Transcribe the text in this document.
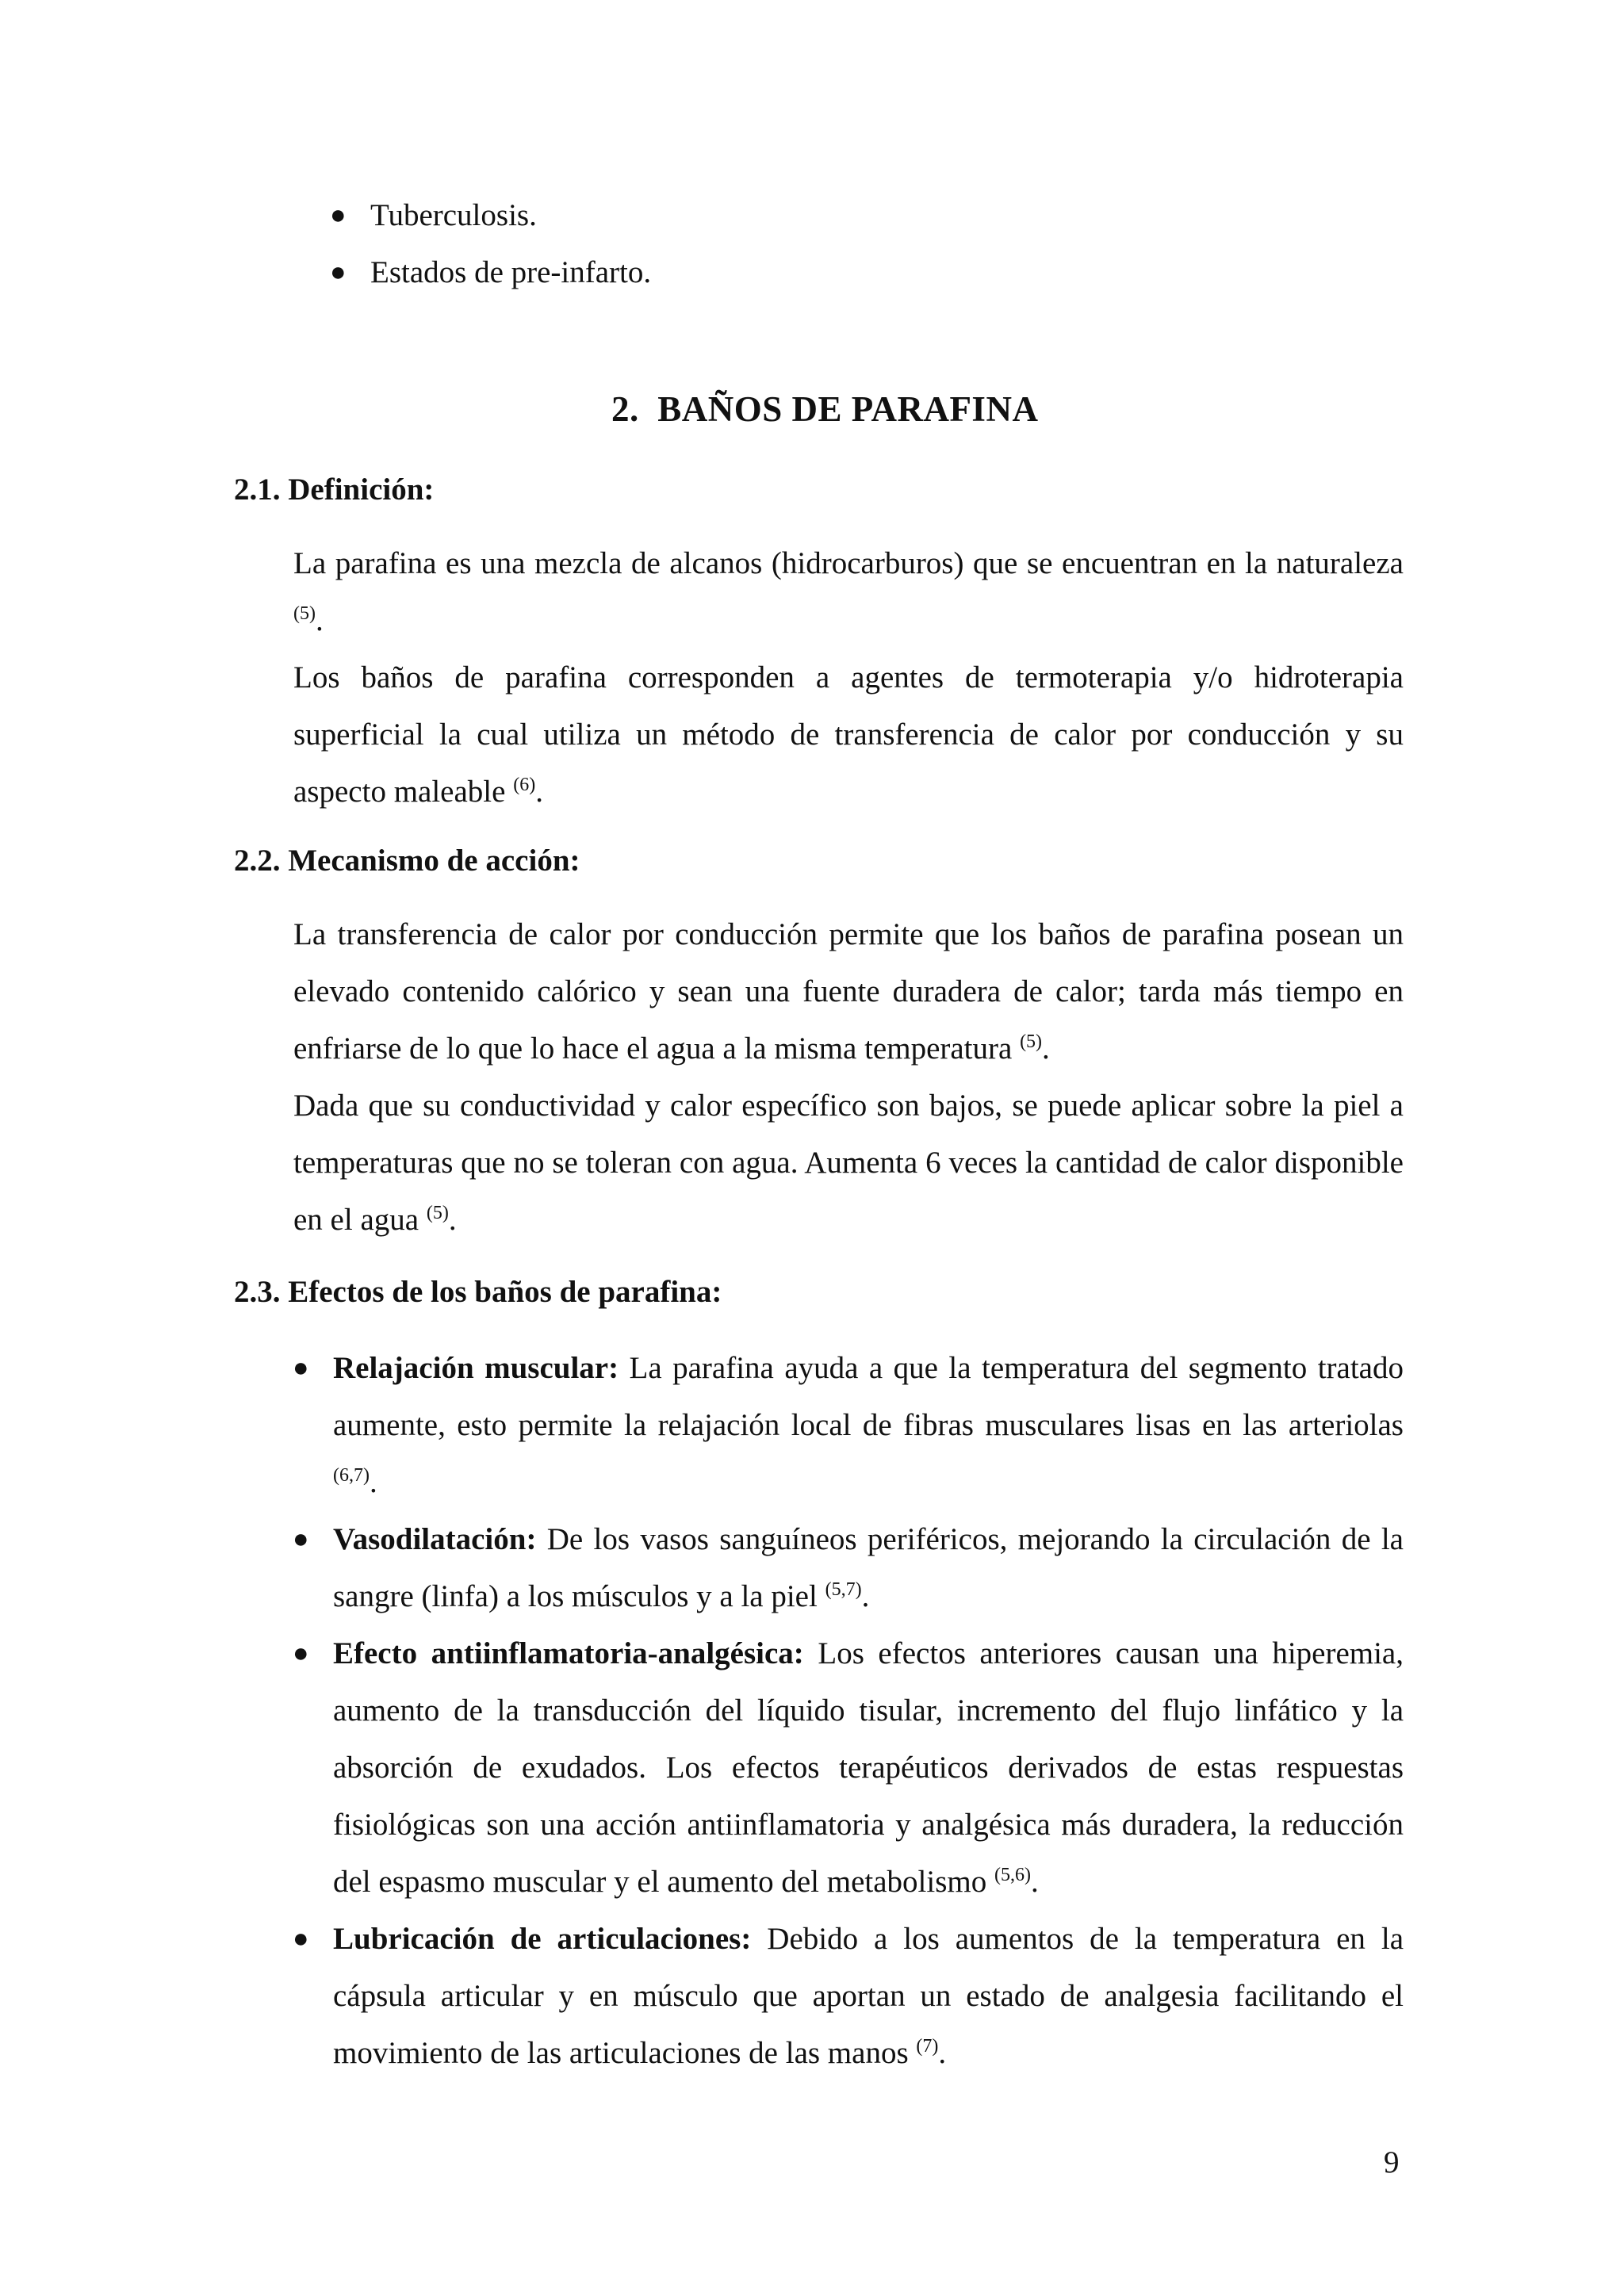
● Tuberculosis.
● Estados de pre-infarto.
2.  BAÑOS DE PARAFINA
2.1. Definición:

La parafina es una mezcla de alcanos (hidrocarburos) que se encuentran en la naturaleza $^{(5)}$.

Los baños de parafina corresponden a agentes de termoterapia y/o hidroterapia superficial la cual utiliza un método de transferencia de calor por conducción y su aspecto maleable $^{(6)}$.

2.2. Mecanismo de acción:

La transferencia de calor por conducción permite que los baños de parafina posean un elevado contenido calórico y sean una fuente duradera de calor; tarda más tiempo en enfriarse de lo que lo hace el agua a la misma temperatura $^{(5)}$.

Dada que su conductividad y calor específico son bajos, se puede aplicar sobre la piel a temperaturas que no se toleran con agua. Aumenta 6 veces la cantidad de calor disponible en el agua $^{(5)}$.

2.3. Efectos de los baños de parafina:
● Relajación muscular: La parafina ayuda a que la temperatura del segmento tratado aumente, esto permite la relajación local de fibras musculares lisas en las arteriolas $^{(6,7)}$.
● Vasodilatación: De los vasos sanguíneos periféricos, mejorando la circulación de la sangre (linfa) a los músculos y a la piel $^{(5,7)}$.
● Efecto antiinflamatoria-analgésica: Los efectos anteriores causan una hiperemia, aumento de la transducción del líquido tisular, incremento del flujo linfático y la absorción de exudados. Los efectos terapéuticos derivados de estas respuestas fisiológicas son una acción antiinflamatoria y analgésica más duradera, la reducción del espasmo muscular y el aumento del metabolismo $^{(5,6)}$.
● Lubricación de articulaciones: Debido a los aumentos de la temperatura en la cápsula articular y en músculo que aportan un estado de analgesia facilitando el movimiento de las articulaciones de las manos $^{(7)}$.
9
